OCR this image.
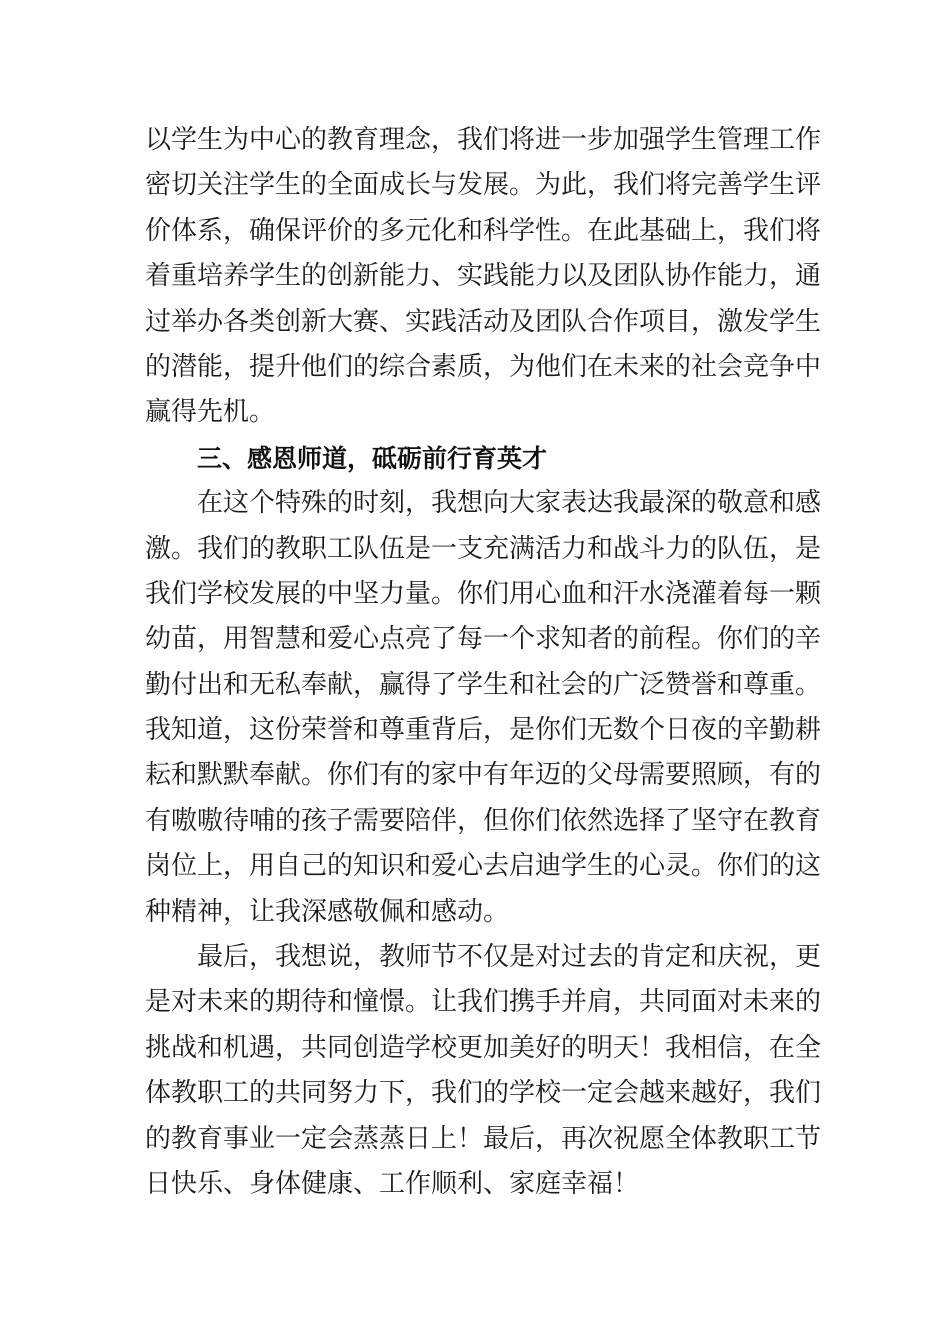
以学生为中心的教育理念，我们将进一步加强学生管理工作
密切关注学生的全面成长与发展。为此，我们将完善学生评
价体系，确保评价的多元化和科学性。在此基础上，我们将
着重培养学生的创新能力、实践能力以及团队协作能力，通
过举办各类创新大赛、实践活动及团队合作项目，激发学生
的潜能，提升他们的综合素质，为他们在未来的社会竞争中
赢得先机。
三、感恩师道，砥砺前行育英才
在这个特殊的时刻，我想向大家表达我最深的敬意和感
激。我们的教职工队伍是一支充满活力和战斗力的队伍，是
我们学校发展的中坚力量。你们用心血和汗水浇灌着每一颗
幼苗，用智慧和爱心点亮了每一个求知者的前程。你们的辛
勤付出和无私奉献，赢得了学生和社会的广泛赞誉和尊重。
我知道，这份荣誉和尊重背后，是你们无数个日夜的辛勤耕
耘和默默奉献。你们有的家中有年迈的父母需要照顾，有的
有嗷嗷待哺的孩子需要陪伴，但你们依然选择了坚守在教育
岗位上，用自己的知识和爱心去启迪学生的心灵。你们的这
种精神，让我深感敬佩和感动。
最后，我想说，教师节不仅是对过去的肯定和庆祝，更
是对未来的期待和憧憬。让我们携手并肩，共同面对未来的
挑战和机遇，共同创造学校更加美好的明天！我相信，在全
体教职工的共同努力下，我们的学校一定会越来越好，我们
的教育事业一定会蒸蒸日上！最后，再次祝愿全体教职工节
日快乐、身体健康、工作顺利、家庭幸福！
